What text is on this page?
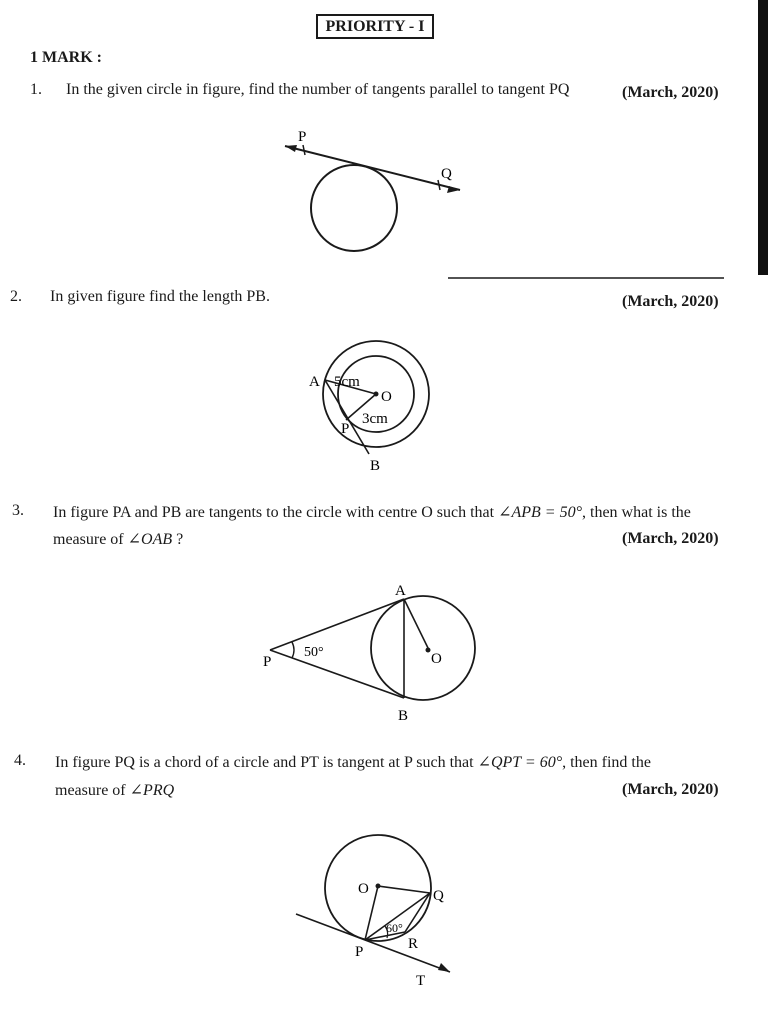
PRIORITY - I
1 MARK :
1. In the given circle in figure, find the number of tangents parallel to tangent PQ	(March, 2020)
P
Q
A 5cm
O
3cm
P
B
A
P
50°	O
B
O	Q
60°
R
P
T
2. In given figure find the length PB.	(March, 2020)
3. In figure PA and PB are tangents to the circle with centre O such that ∠APB = 50°, then what is the
measure of ∠OAB ?	(March, 2020)
4. In figure PQ is a chord of a circle and PT is tangent at P such that ∠QPT = 60°, then find the
measure of ∠PRQ	(March, 2020)
